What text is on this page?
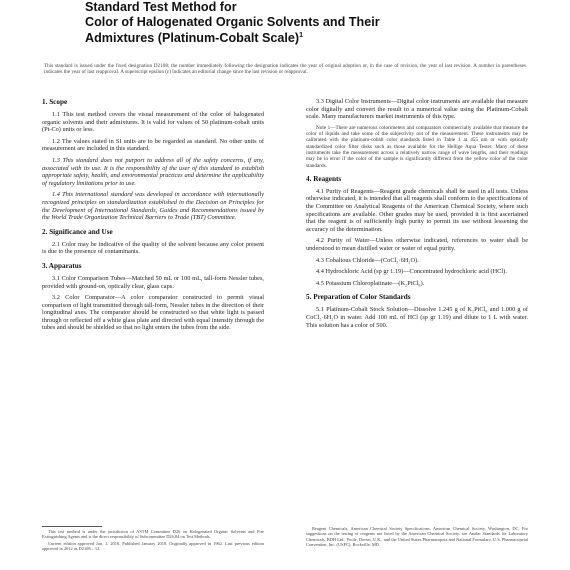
Standard Test Method for
Color of Halogenated Organic Solvents and Their
Admixtures (Platinum-Cobalt Scale)$^1$
This standard is issued under the fixed designation D2108; the number immediately following the designation indicates the year of original adoption or, in the case of revision, the year of last revision. A number in parentheses indicates the year of last reapproval. A superscript epsilon (ε) indicates an editorial change since the last revision or reapproval.
1. Scope

1.1 This test method covers the visual measurement of the color of halogenated organic solvents and their admixtures. It is valid for values of 50 platinum-cobalt units (Pt-Co) units or less.

1.2 The values stated in SI units are to be regarded as standard. No other units of measurement are included in this standard.

1.3 This standard does not purport to address all of the safety concerns, if any, associated with its use. It is the responsibility of the user of this standard to establish appropriate safety, health, and environmental practices and determine the applicability of regulatory limitations prior to use.

1.4 This international standard was developed in accordance with internationally recognized principles on standardization established in the Decision on Principles for the Development of International Standards, Guides and Recommendations issued by the World Trade Organization Technical Barriers to Trade (TBT) Committee.

2. Significance and Use

2.1 Color may be indicative of the quality of the solvent because any color present is due to the presence of contaminants.

3. Apparatus

3.1 Color Comparison Tubes—Matched 50 mL or 100 mL, tall-form Nessler tubes, provided with ground-on, optically clear, glass caps.

3.2 Color Comparator—A color comparator constructed to permit visual comparison of light transmitted through tall-form, Nessler tubes in the direction of their longitudinal axes. The comparator should be constructed so that white light is passed through or reflected off a white glass plate and directed with equal intensity through the tubes and should be shielded so that no light enters the tubes from the side.

3.3 Digital Color Instruments—Digital color instruments are available that measure color digitally and convert the result to a numerical value using the Platinum-Cobalt scale. Many manufacturers market instruments of this type.

Note 1—There are numerous colorimeters and comparators commercially available that measure the color of liquids and take some of the subjectivity out of the measurement. These instruments may be calibrated with the platinum-cobalt color standards listed in Table 1 at 455 nm or with optically standardized color filter disks such as those available for the Hellige Aqua Tester. Many of these instruments take the measurement across a relatively narrow range of wave lengths, and their readings may be in error if the color of the sample is significantly different from the yellow color of the color standards.

4. Reagents

4.1 Purity of Reagents—Reagent grade chemicals shall be used in all tests. Unless otherwise indicated, it is intended that all reagents shall conform to the specifications of the Committee on Analytical Reagents of the American Chemical Society, where such specifications are available. Other grades may be used, provided it is first ascertained that the reagent is of sufficiently high purity to permit its use without lessening the accuracy of the determination.

4.2 Purity of Water—Unless otherwise indicated, references to water shall be understood to mean distilled water or water of equal purity.

4.3 Cobaltous Chloride—(CoCl₂·6H₂O).

4.4 Hydrochloric Acid (sp gr 1.19)—Concentrated hydrochloric acid (HCl).

4.5 Potassium Chloroplatinate—(K₂PtCl₆).

5. Preparation of Color Standards

5.1 Platinum-Cobalt Stock Solution—Dissolve 1.245 g of K₂PtCl₆ and 1.000 g of CoCl₂·6H₂O in water. Add 100 mL of HCl (sp gr 1.19) and dilute to 1 L with water. This solution has a color of 500.

This test method is under the jurisdiction of ASTM Committee D26 on Halogenated Organic Solvents and Fire Extinguishing Agents and is the direct responsibility of Subcommittee D26.04 on Test Methods.

Current edition approved Jan. 1, 2018. Published January 2018. Originally approved in 1962. Last previous edition approved in 2012 as D2108 – 12.

Reagent Chemicals, American Chemical Society Specifications, American Chemical Society, Washington, DC. For suggestions on the testing of reagents not listed by the American Chemical Society, see Analar Standards for Laboratory Chemicals, BDH Ltd., Poole, Dorset, U.K., and the United States Pharmacopeia and National Formulary, U.S. Pharmacopeial Convention, Inc. (USPC), Rockville, MD.
